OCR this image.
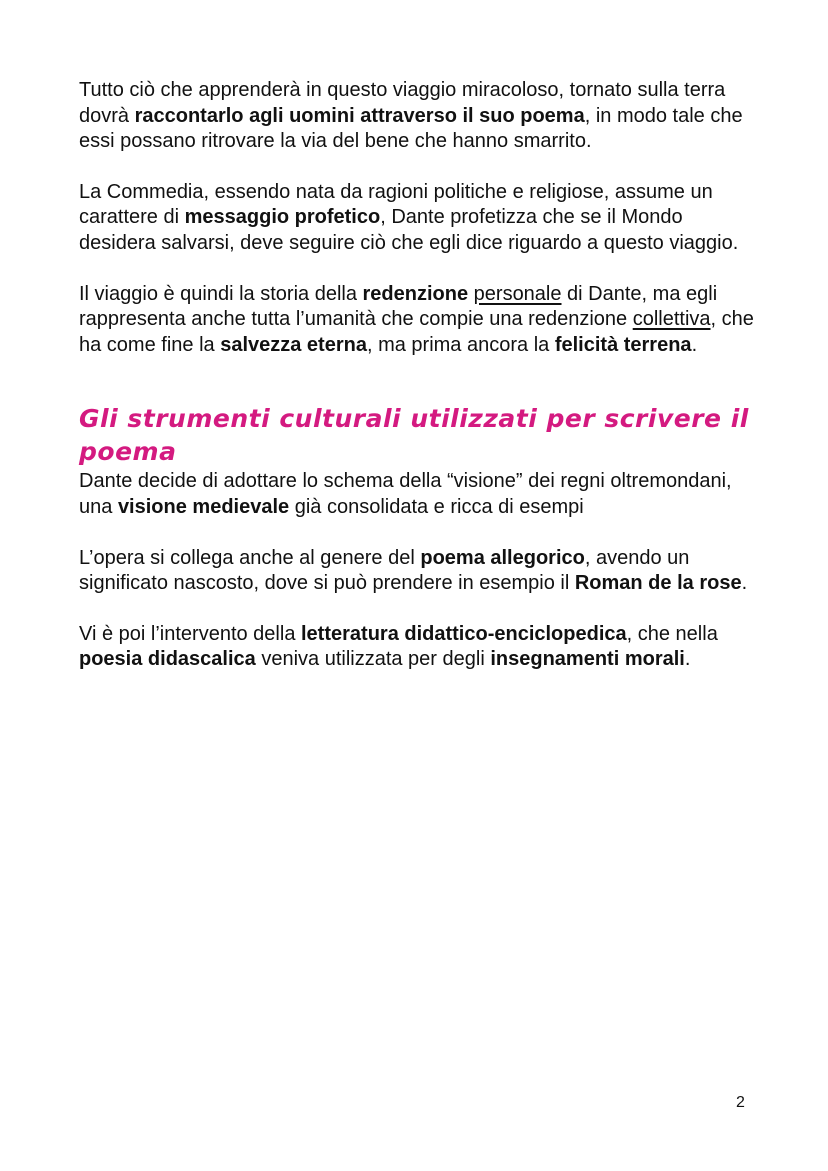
Tutto ciò che apprenderà in questo viaggio miracoloso, tornato sulla terra dovrà raccontarlo agli uomini attraverso il suo poema, in modo tale che essi possano ritrovare la via del bene che hanno smarrito.

La Commedia, essendo nata da ragioni politiche e religiose, assume un carattere di messaggio profetico, Dante profetizza che se il Mondo desidera salvarsi, deve seguire ciò che egli dice riguardo a questo viaggio.

Il viaggio è quindi la storia della redenzione personale di Dante, ma egli rappresenta anche tutta l’umanità che compie una redenzione collettiva, che ha come fine la salvezza eterna, ma prima ancora la felicità terrena.

Gli strumenti culturali utilizzati per scrivere il poema

Dante decide di adottare lo schema della “visione” dei regni oltremondani, una visione medievale già consolidata e ricca di esempi

L’opera si collega anche al genere del poema allegorico, avendo un significato nascosto, dove si può prendere in esempio il Roman de la rose.

Vi è poi l’intervento della letteratura didattico-enciclopedica, che nella poesia didascalica veniva utilizzata per degli insegnamenti morali.

2
